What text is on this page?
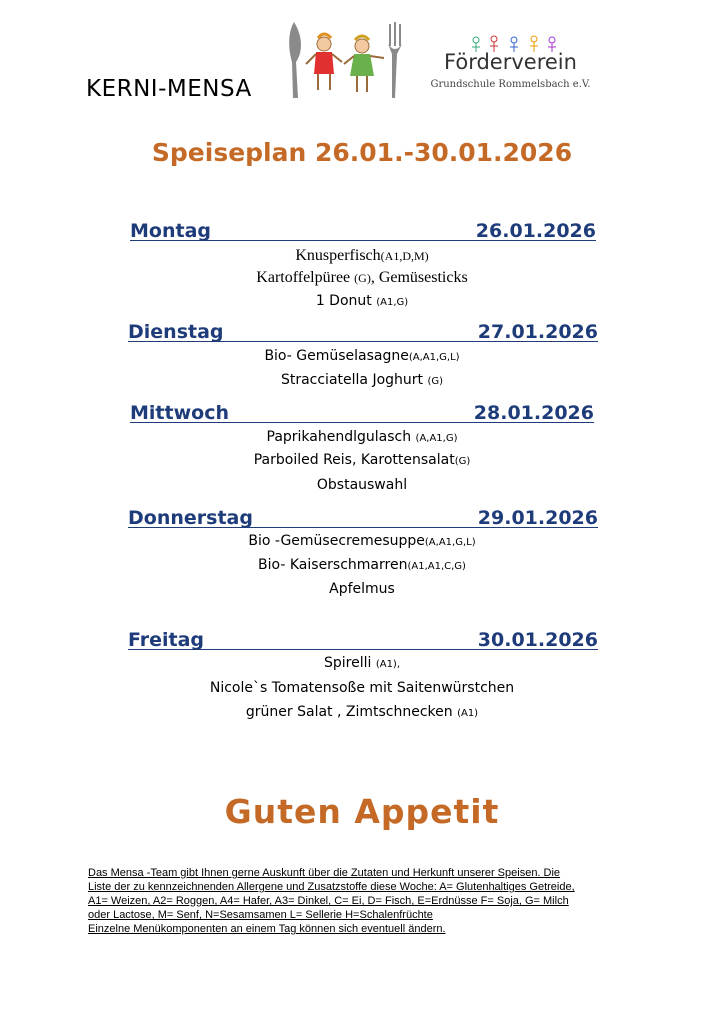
KERNI-MENSA
Förderverein
Grundschule Rommelsbach e.V.
Speiseplan 26.01.-30.01.2026
Montag	26.01.2026
Knusperfisch(A1,D,M)
Kartoffelpüree (G), Gemüsesticks
1 Donut (A1,G)
Dienstag	27.01.2026
Bio- Gemüselasagne(A,A1,G,L)
Stracciatella Joghurt (G)
Mittwoch	28.01.2026
Paprikahendlgulasch (A,A1,G)
Parboiled Reis, Karottensalat(G)
Obstauswahl
Donnerstag	29.01.2026
Bio -Gemüsecremesuppe(A,A1,G,L)
Bio- Kaiserschmarren(A1,A1,C,G)
Apfelmus
Freitag	30.01.2026
Spirelli (A1),
Nicole`s Tomatensoße mit Saitenwürstchen
grüner Salat , Zimtschnecken (A1)
Guten Appetit
Das Mensa -Team gibt Ihnen gerne Auskunft über die Zutaten und Herkunft unserer Speisen. Die
Liste der zu kennzeichnenden Allergene und Zusatzstoffe diese Woche: A= Glutenhaltiges Getreide,
A1= Weizen, A2= Roggen, A4= Hafer, A3= Dinkel, C= Ei, D= Fisch, E=Erdnüsse F= Soja, G= Milch
oder Lactose, M= Senf, N=Sesamsamen L= Sellerie H=Schalenfrüchte
Einzelne Menükomponenten an einem Tag können sich eventuell ändern.
